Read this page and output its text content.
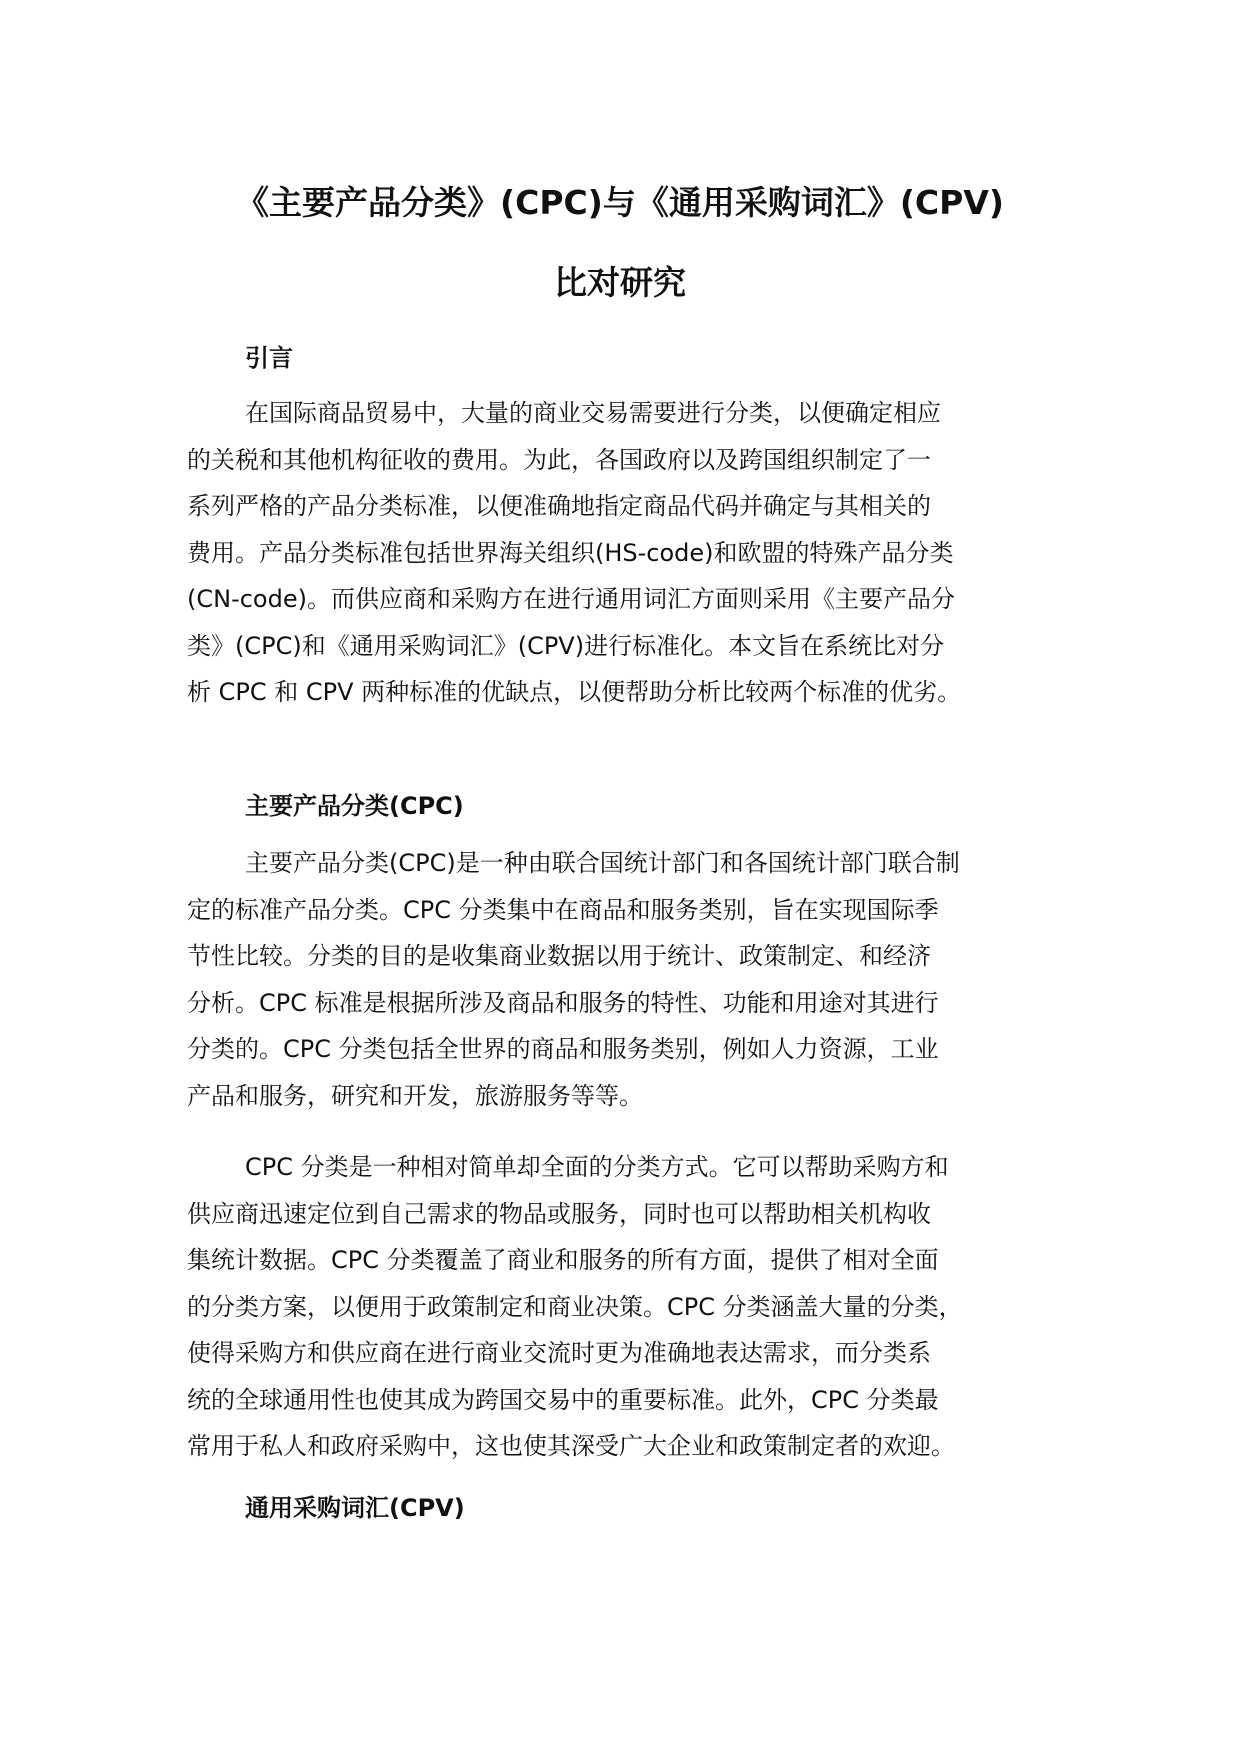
《主要产品分类》(CPC)与《通用采购词汇》(CPV)
比对研究
引言
在国际商品贸易中，大量的商业交易需要进行分类，以便确定相应
的关税和其他机构征收的费用。为此，各国政府以及跨国组织制定了一
系列严格的产品分类标准，以便准确地指定商品代码并确定与其相关的
费用。产品分类标准包括世界海关组织(HS-code)和欧盟的特殊产品分类
(CN-code)。而供应商和采购方在进行通用词汇方面则采用《主要产品分
类》(CPC)和《通用采购词汇》(CPV)进行标准化。本文旨在系统比对分
析 CPC 和 CPV 两种标准的优缺点，以便帮助分析比较两个标准的优劣。
主要产品分类(CPC)
主要产品分类(CPC)是一种由联合国统计部门和各国统计部门联合制
定的标准产品分类。CPC 分类集中在商品和服务类别，旨在实现国际季
节性比较。分类的目的是收集商业数据以用于统计、政策制定、和经济
分析。CPC 标准是根据所涉及商品和服务的特性、功能和用途对其进行
分类的。CPC 分类包括全世界的商品和服务类别，例如人力资源，工业
产品和服务，研究和开发，旅游服务等等。
CPC 分类是一种相对简单却全面的分类方式。它可以帮助采购方和
供应商迅速定位到自己需求的物品或服务，同时也可以帮助相关机构收
集统计数据。CPC 分类覆盖了商业和服务的所有方面，提供了相对全面
的分类方案，以便用于政策制定和商业决策。CPC 分类涵盖大量的分类，
使得采购方和供应商在进行商业交流时更为准确地表达需求，而分类系
统的全球通用性也使其成为跨国交易中的重要标准。此外，CPC 分类最
常用于私人和政府采购中，这也使其深受广大企业和政策制定者的欢迎。
通用采购词汇(CPV)
